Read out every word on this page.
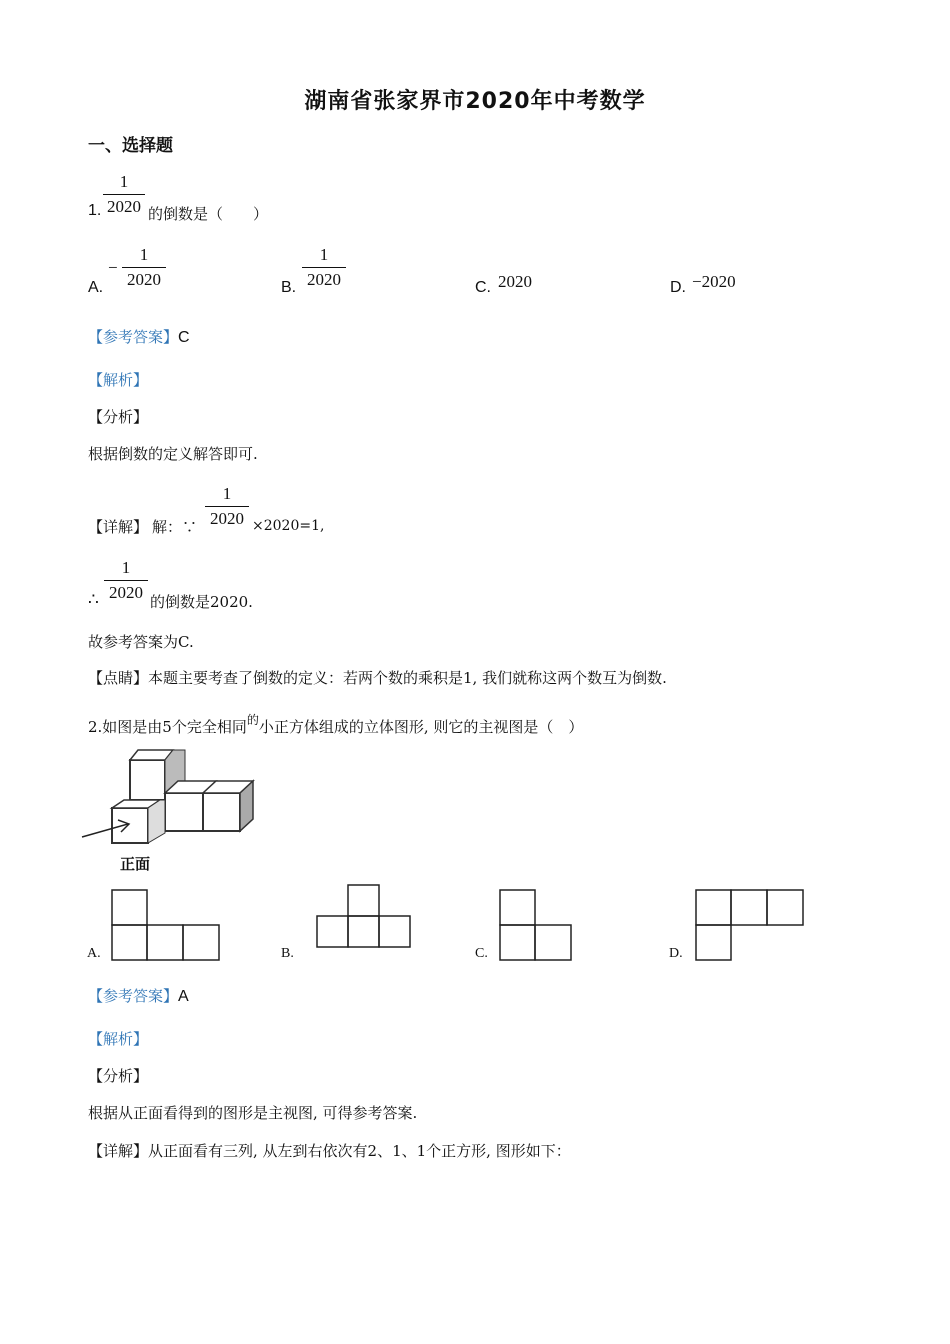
湖南省张家界市2020年中考数学
一、选择题
1.
1
2020 的倒数是（　　）
A.
−
1
2020	B.
1
2020	C. 2020	D. −2020
【参考答案】C
【解析】
【分析】
根据倒数的定义解答即可.
【详解】 解：∵
1
2020 ×2020=1,
∴
1
2020 的倒数是2020.
故参考答案为C.
【点睛】本题主要考查了倒数的定义：若两个数的乘积是1, 我们就称这两个数互为倒数.
2.如图是由5个完全相同$^的$小正方体组成的立体图形, 则它的主视图是（　）
正面
A.	B.	C.	D.
【参考答案】A
【解析】
【分析】
根据从正面看得到的图形是主视图, 可得参考答案.
【详解】从正面看有三列, 从左到右依次有2、1、1个正方形, 图形如下：
